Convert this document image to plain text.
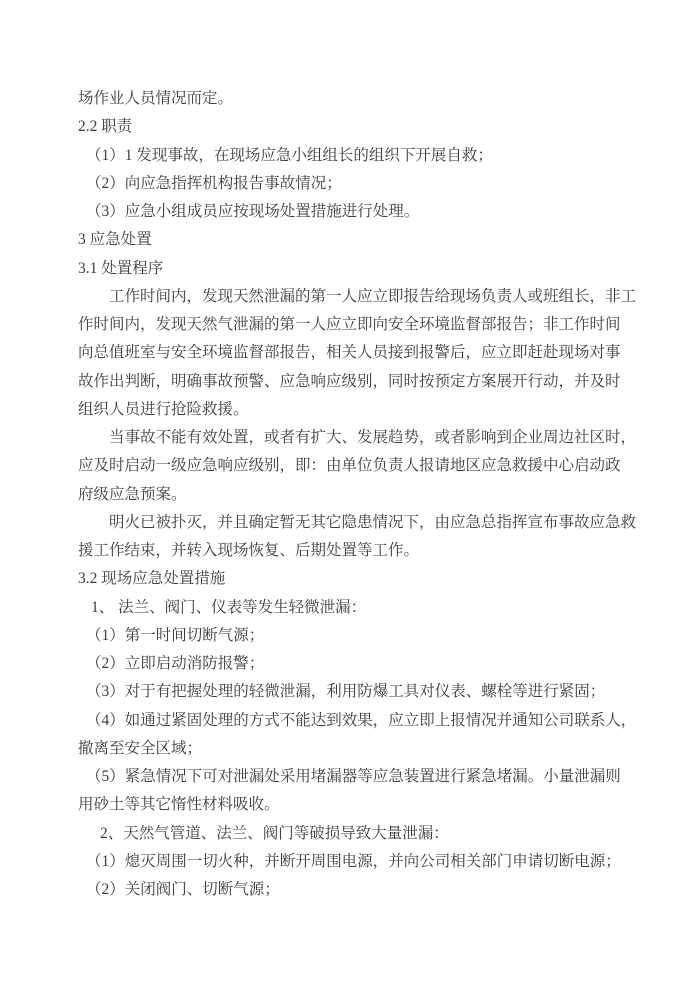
场作业人员情况而定。
2.2 职责
（1）1 发现事故，在现场应急小组组长的组织下开展自救；
（2）向应急指挥机构报告事故情况；
（3）应急小组成员应按现场处置措施进行处理。
3 应急处置
3.1 处置程序
工作时间内，发现天然泄漏的第一人应立即报告给现场负责人或班组长，非工
作时间内，发现天然气泄漏的第一人应立即向安全环境监督部报告；非工作时间
向总值班室与安全环境监督部报告，相关人员接到报警后，应立即赶赴现场对事
故作出判断，明确事故预警、应急响应级别，同时按预定方案展开行动，并及时
组织人员进行抢险救援。
当事故不能有效处置，或者有扩大、发展趋势，或者影响到企业周边社区时，
应及时启动一级应急响应级别，即：由单位负责人报请地区应急救援中心启动政
府级应急预案。
明火已被扑灭，并且确定暂无其它隐患情况下，由应急总指挥宣布事故应急救
援工作结束，并转入现场恢复、后期处置等工作。
3.2 现场应急处置措施
1、 法兰、阀门、仪表等发生轻微泄漏：
（1）第一时间切断气源；
（2）立即启动消防报警；
（3）对于有把握处理的轻微泄漏，利用防爆工具对仪表、螺栓等进行紧固；
（4）如通过紧固处理的方式不能达到效果，应立即上报情况并通知公司联系人，
撤离至安全区域；
（5）紧急情况下可对泄漏处采用堵漏器等应急装置进行紧急堵漏。小量泄漏则
用砂土等其它惰性材料吸收。
2、天然气管道、法兰、阀门等破损导致大量泄漏：
（1）熄灭周围一切火种，并断开周围电源，并向公司相关部门申请切断电源；
（2）关闭阀门、切断气源；
